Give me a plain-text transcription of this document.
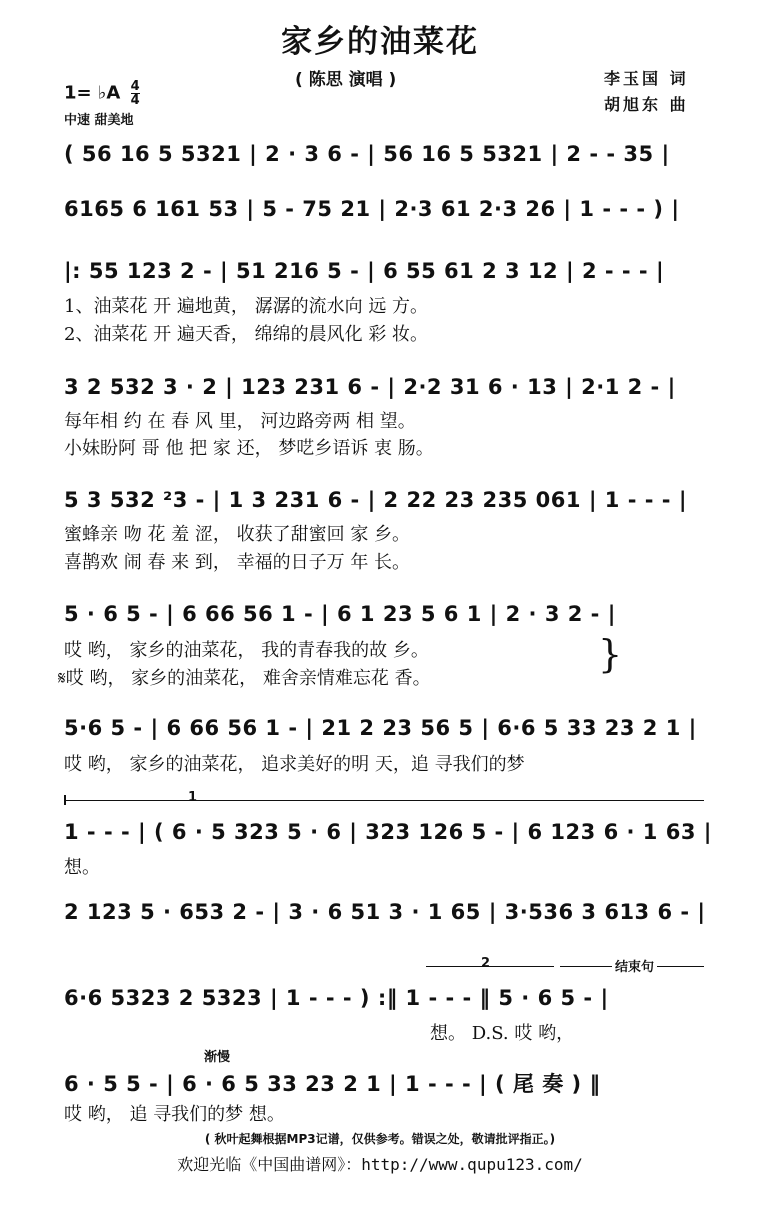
家乡的油菜花
( 陈思 演唱 )	李玉国 词
胡旭东 曲
1= ♭A $\frac{4}{4}$
中速 甜美地
( 56 16 5 5321 | 2 · 3 6 - | 56 16 5 5321 | 2 - - 35 |
6165 6 161 53 | 5 - 75 21 | 2·3 61 2·3 26 | 1 - - - ) |
|: 55 123 2 - | 51 216 5 - | 6 55 61 2 3 12 | 2 - - - |
1、油菜花 开 遍地黄， 潺潺的流水向 远 方。
2、油菜花 开 遍天香， 绵绵的晨风化 彩 妆。
3 2 532 3 · 2 | 123 231 6 - | 2·2 31 6 · 13 | 2·1 2 - |
每年相 约 在 春 风 里， 河边路旁两 相 望。
小妹盼阿 哥 他 把 家 还， 梦呓乡语诉 衷 肠。
5 3 532 ²3 - | 1 3 231 6 - | 2 22 23 235 061 | 1 - - - |
蜜蜂亲 吻 花 羞 涩， 收获了甜蜜回 家 乡。
喜鹊欢 闹 春 来 到， 幸福的日子万 年 长。
5 · 6 5 - | 6 66 56 1 - | 6 1 23 5 6 1 | 2 · 3 2 - |
哎 哟， 家乡的油菜花， 我的青春我的故 乡。
𝄋哎 哟， 家乡的油菜花， 难舍亲情难忘花 香。
}
5·6 5 - | 6 66 56 1 - | 21 2 23 56 5 | 6·6 5 33 23 2 1 |
哎 哟， 家乡的油菜花， 追求美好的明 天，追 寻我们的梦
1
1 - - - | ( 6 · 5 323 5 · 6 | 323 126 5 - | 6 123 6 · 1 63 |
想。
2 123 5 · 653 2 - | 3 · 6 51 3 · 1 65 | 3·536 3 613 6 - |
2	结束句
6·6 5323 2 5323 | 1 - - - ) :‖ 1 - - - ‖ 5 · 6 5 - |
想。 D.S. 哎 哟，
渐慢
6 · 5 5 - | 6 · 6 5 33 23 2 1 | 1 - - - | ( 尾 奏 ) ‖
哎 哟， 追 寻我们的梦 想。
( 秋叶起舞根据MP3记谱，仅供参考。错误之处，敬请批评指正。)
欢迎光临《中国曲谱网》：http://www.qupu123.com/
